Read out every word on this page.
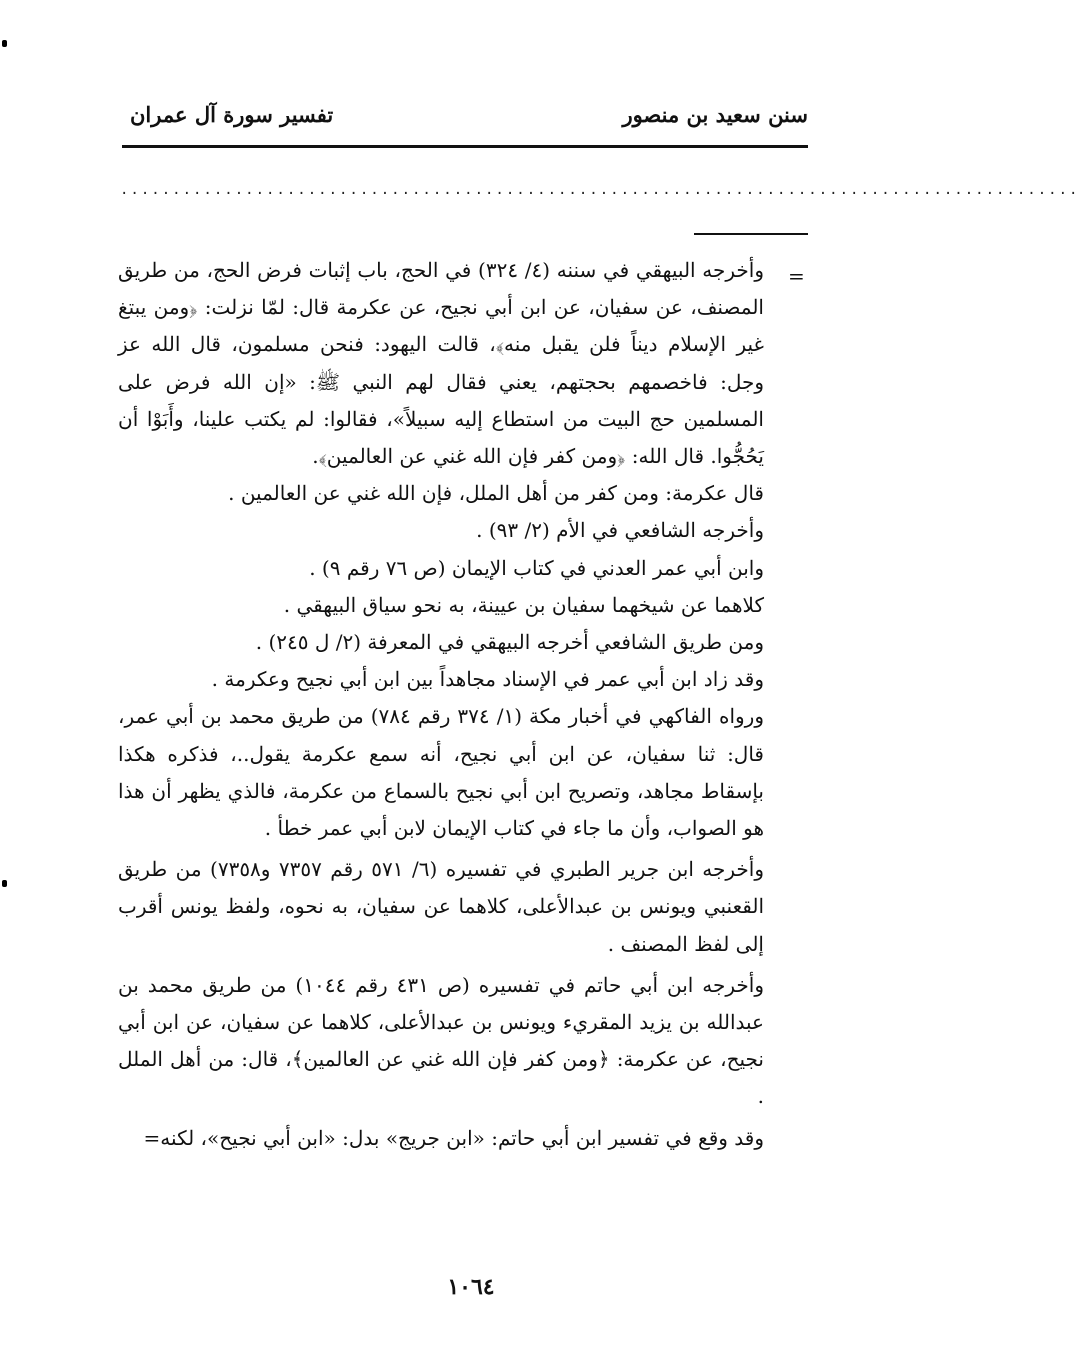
سنن سعيد بن منصور
تفسير سورة آل عمران
............................................................................................
=

وأخرجه البيهقي في سننه (٤/ ٣٢٤) في الحج، باب إثبات فرض الحج، من طريق المصنف، عن سفيان، عن ابن أبي نجيح، عن عكرمة قال: لمّا نزلت: ﴿ومن يبتغ غير الإسلام ديناً فلن يقبل منه﴾، قالت اليهود: فنحن مسلمون، قال الله عز وجل: فاخصمهم بحجتهم، يعني فقال لهم النبي ﷺ: «إن الله فرض على المسلمين حج البيت من استطاع إليه سبيلاً»، فقالوا: لم يكتب علينا، وأَبَوْا أن يَحُجُّوا. قال الله: ﴿ومن كفر فإن الله غني عن العالمين﴾.

قال عكرمة: ومن كفر من أهل الملل، فإن الله غني عن العالمين .

وأخرجه الشافعي في الأم (٢/ ٩٣) .

وابن أبي عمر العدني في كتاب الإيمان (ص ٧٦ رقم ٩) .

كلاهما عن شيخهما سفيان بن عيينة، به نحو سياق البيهقي .

ومن طريق الشافعي أخرجه البيهقي في المعرفة (٢/ ل ٢٤٥) .

وقد زاد ابن أبي عمر في الإسناد مجاهداً بين ابن أبي نجيح وعكرمة .

ورواه الفاكهي في أخبار مكة (١/ ٣٧٤ رقم ٧٨٤) من طريق محمد بن أبي عمر، قال: ثنا سفيان، عن ابن أبي نجيح، أنه سمع عكرمة يقول..، فذكره هكذا بإسقاط مجاهد، وتصريح ابن أبي نجيح بالسماع من عكرمة، فالذي يظهر أن هذا هو الصواب، وأن ما جاء في كتاب الإيمان لابن أبي عمر خطأ .

وأخرجه ابن جرير الطبري في تفسيره (٦/ ٥٧١ رقم ٧٣٥٧ و٧٣٥٨) من طريق القعنبي ويونس بن عبدالأعلى، كلاهما عن سفيان، به نحوه، ولفظ يونس أقرب إلى لفظ المصنف .

وأخرجه ابن أبي حاتم في تفسيره (ص ٤٣١ رقم ١٠٤٤) من طريق محمد بن عبدالله بن يزيد المقريء ويونس بن عبدالأعلى، كلاهما عن سفيان، عن ابن أبي نجيح، عن عكرمة: ﴿ومن كفر فإن الله غني عن العالمين﴾، قال: من أهل الملل .

وقد وقع في تفسير ابن أبي حاتم: «ابن جريج» بدل: «ابن أبي نجيح»، لكنه=

١٠٦٤
